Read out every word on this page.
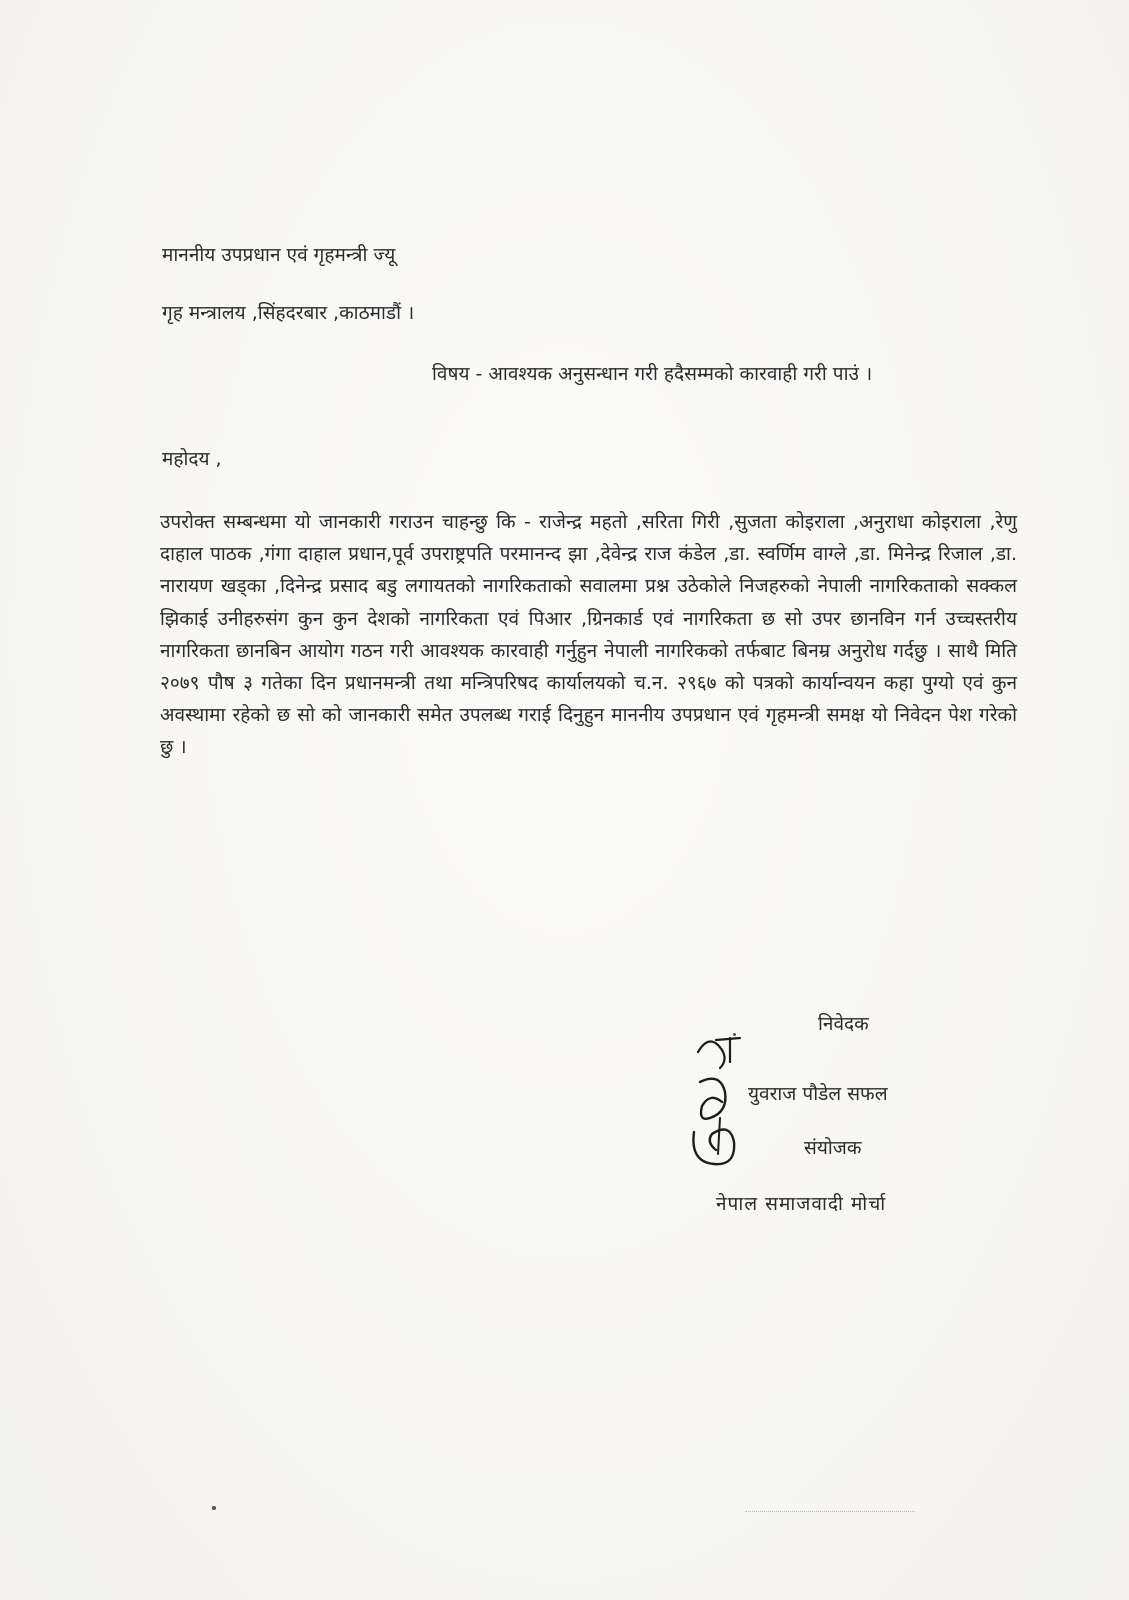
माननीय उपप्रधान एवं गृहमन्त्री ज्यू
गृह मन्त्रालय ,सिंहदरबार ,काठमाडौं ।
विषय - आवश्यक अनुसन्धान गरी हदैसम्मको कारवाही गरी पाउं ।
महोदय ,
उपरोक्त सम्बन्धमा यो जानकारी गराउन चाहन्छु कि - राजेन्द्र महतो ,सरिता गिरी ,सुजता कोइराला ,अनुराधा कोइराला ,रेणु दाहाल पाठक ,गंगा दाहाल प्रधान,पूर्व उपराष्ट्रपति परमानन्द झा ,देवेन्द्र राज कंडेल ,डा. स्वर्णिम वाग्ले ,डा. मिनेन्द्र रिजाल ,डा. नारायण खड्का ,दिनेन्द्र प्रसाद बडु लगायतको नागरिकताको सवालमा प्रश्न उठेकोले निजहरुको नेपाली नागरिकताको सक्कल झिकाई उनीहरुसंग कुन कुन देशको नागरिकता एवं पिआर ,ग्रिनकार्ड एवं नागरिकता छ सो उपर छानविन गर्न उच्चस्तरीय नागरिकता छानबिन आयोग गठन गरी आवश्यक कारवाही गर्नुहुन नेपाली नागरिकको तर्फबाट बिनम्र अनुरोध गर्दछु । साथै मिति २०७९ पौष ३ गतेका दिन प्रधानमन्त्री तथा मन्त्रिपरिषद कार्यालयको च.न. २९६७ को पत्रको कार्यान्वयन कहा पुग्यो एवं कुन अवस्थामा रहेको छ सो को जानकारी समेत उपलब्ध गराई दिनुहुन माननीय उपप्रधान एवं गृहमन्त्री समक्ष यो निवेदन पेश गरेको छु ।
निवेदक
युवराज पौडेल सफल
संयोजक
नेपाल समाजवादी मोर्चा
